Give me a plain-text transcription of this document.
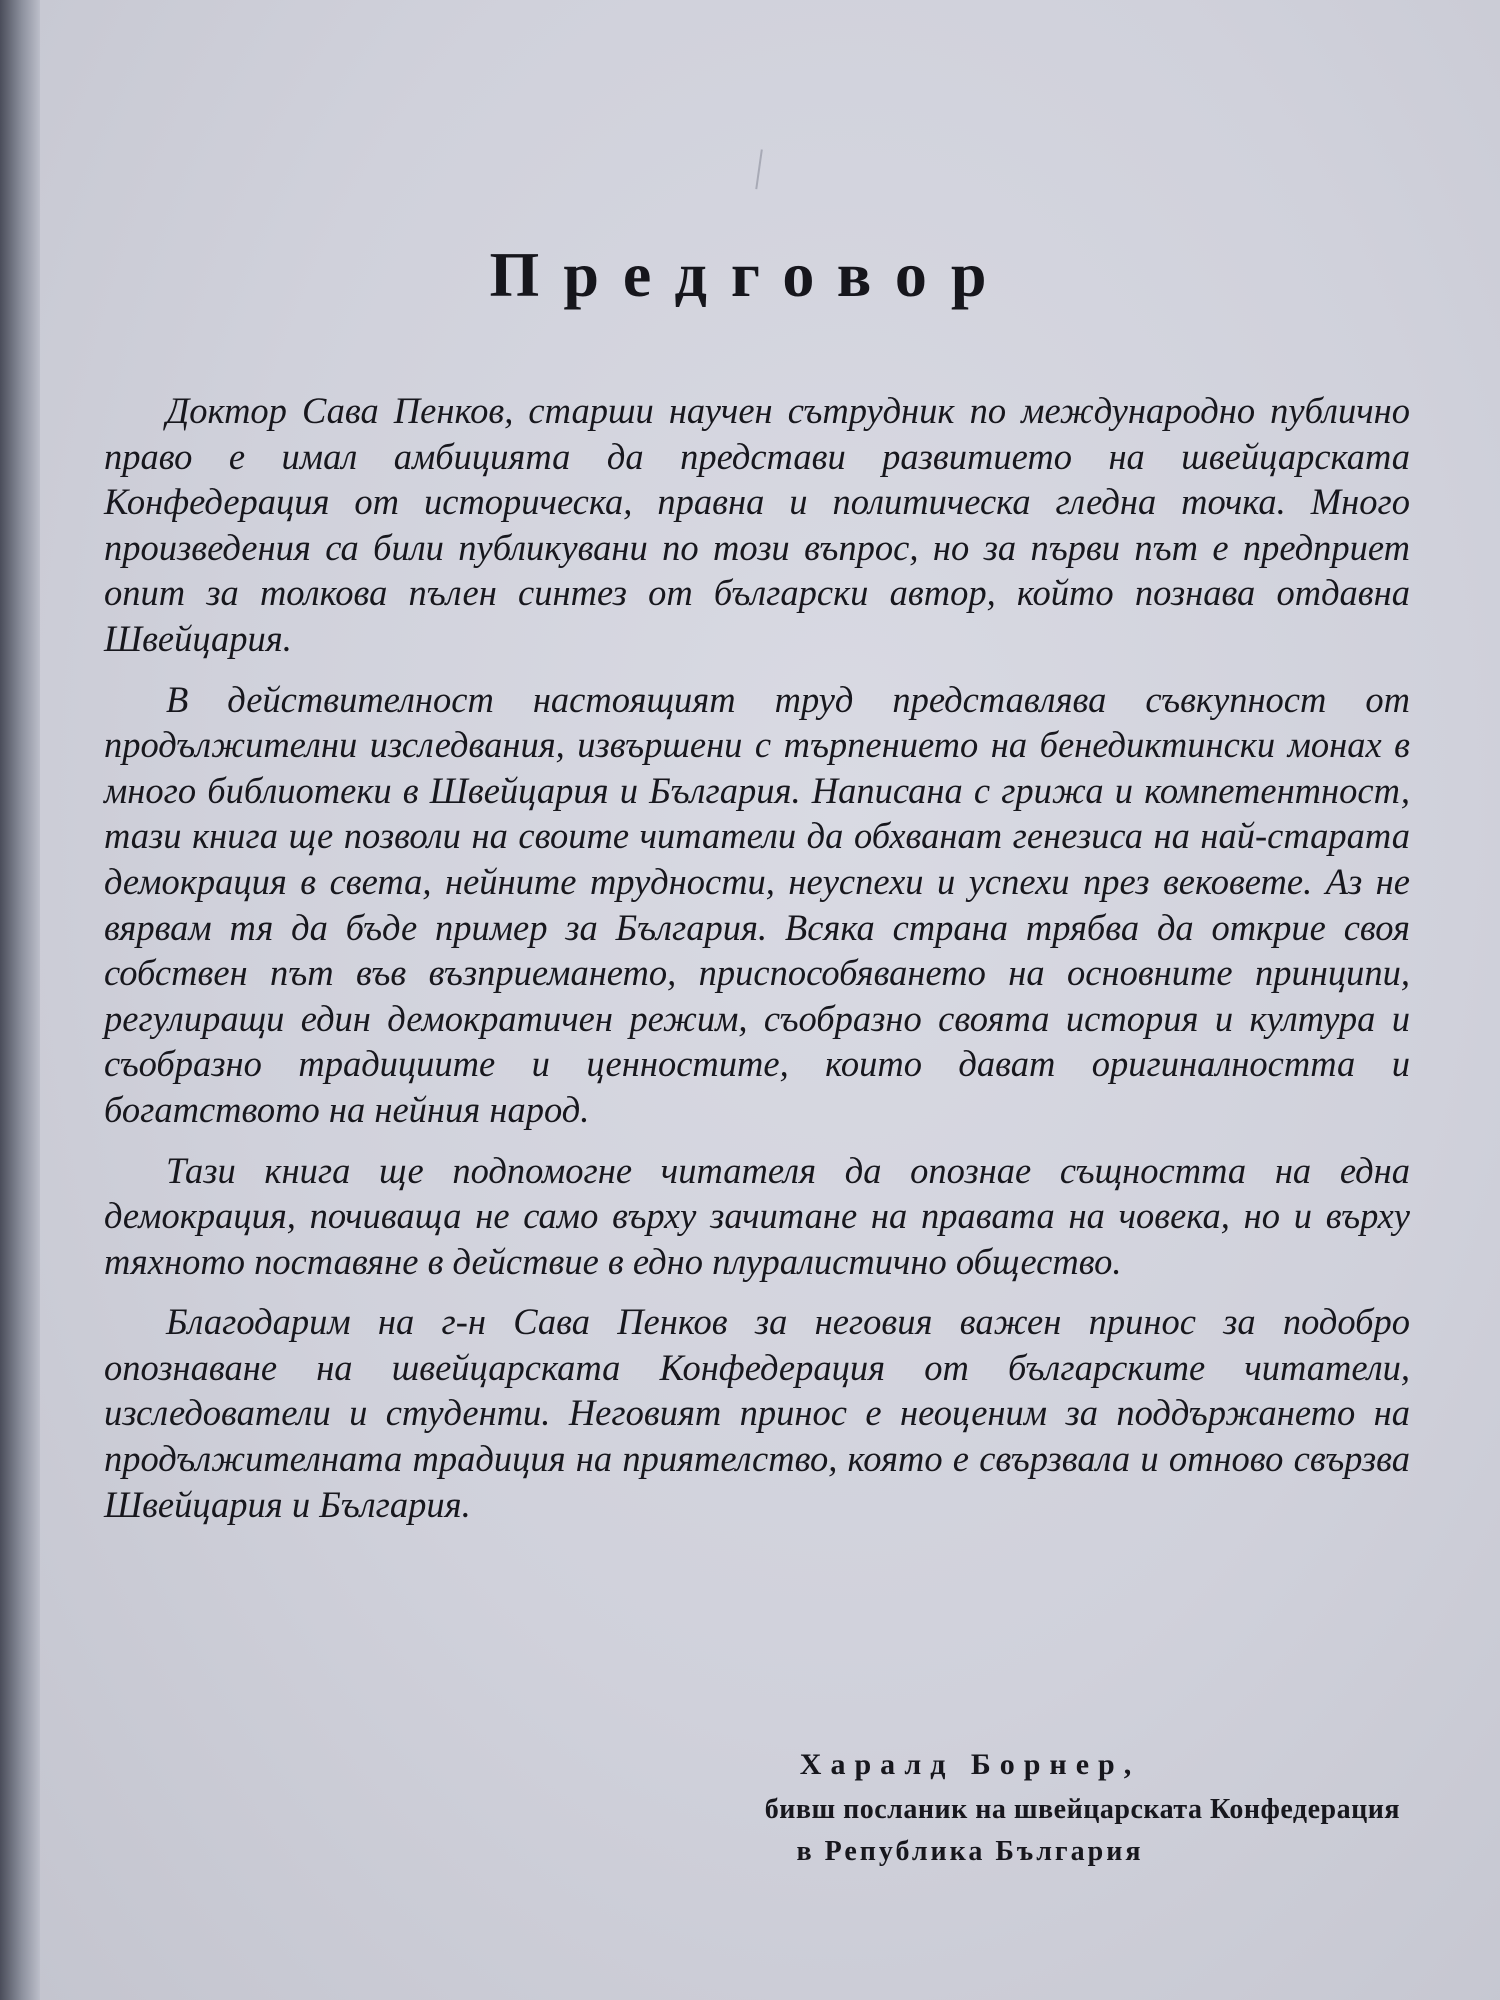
Предговор

Доктор Сава Пенков, старши научен сътрудник по международно публично право е имал амбицията да представи развитието на швейцарската Конфедерация от историческа, правна и политическа гледна точка. Много произведения са били публикувани по този въпрос, но за първи път е предприет опит за толкова пълен синтез от български автор, който познава отдавна Швейцария.

В действителност настоящият труд представлява съвкупност от продължителни изследвания, извършени с търпението на бенедиктински монах в много библиотеки в Швейцария и България. Написана с грижа и компетентност, тази книга ще позволи на своите читатели да обхванат генезиса на най-старата демокрация в света, нейните трудности, неуспехи и успехи през вековете. Аз не вярвам тя да бъде пример за България. Всяка страна трябва да открие своя собствен път във възприемането, приспособяването на основните принципи, регулиращи един демократичен режим, съобразно своята история и култура и съобразно традициите и ценностите, които дават оригиналността и богатството на нейния народ.

Тази книга ще подпомогне читателя да опознае същността на една демокрация, почиваща не само върху зачитане на правата на човека, но и върху тяхното поставяне в действие в едно плуралистично общество.

Благодарим на г-н Сава Пенков за неговия важен принос за подобро опознаване на швейцарската Конфедерация от българските читатели, изследователи и студенти. Неговият принос е неоценим за поддържането на продължителната традиция на приятелство, която е свързвала и отново свързва Швейцария и България.

Харалд Борнер,
бивш посланик на швейцарската Конфедерация
в Република България
